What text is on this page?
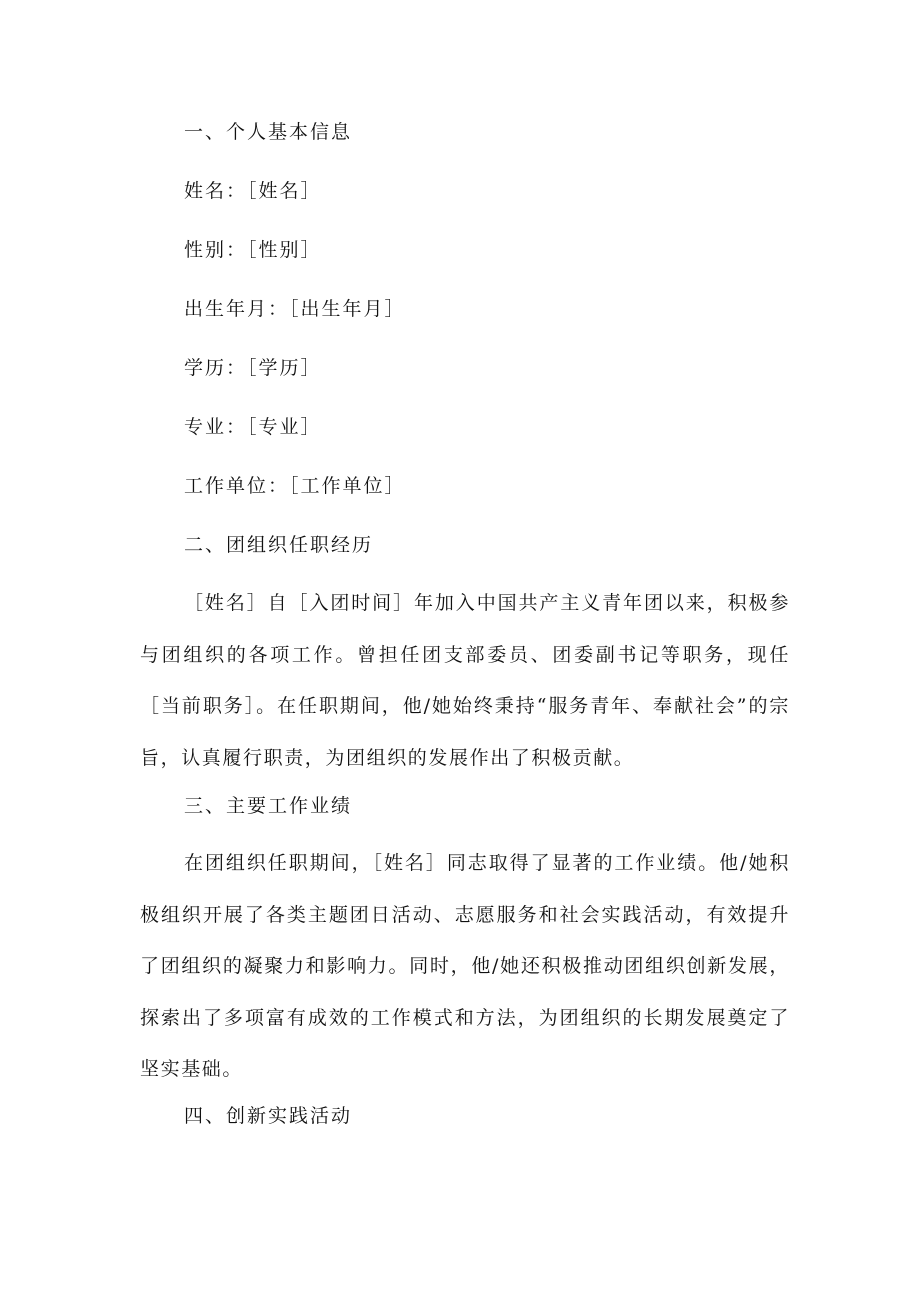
一、个人基本信息
姓名：［姓名］
性别：［性别］
出生年月：［出生年月］
学历：［学历］
专业：［专业］
工作单位：［工作单位］
二、团组织任职经历

［姓名］自［入团时间］年加入中国共产主义青年团以来，积极参与团组织的各项工作。曾担任团支部委员、团委副书记等职务，现任［当前职务］。在任职期间，他/她始终秉持“服务青年、奉献社会”的宗旨，认真履行职责，为团组织的发展作出了积极贡献。

三、主要工作业绩

在团组织任职期间，［姓名］同志取得了显著的工作业绩。他/她积极组织开展了各类主题团日活动、志愿服务和社会实践活动，有效提升了团组织的凝聚力和影响力。同时，他/她还积极推动团组织创新发展，探索出了多项富有成效的工作模式和方法，为团组织的长期发展奠定了坚实基础。

四、创新实践活动
